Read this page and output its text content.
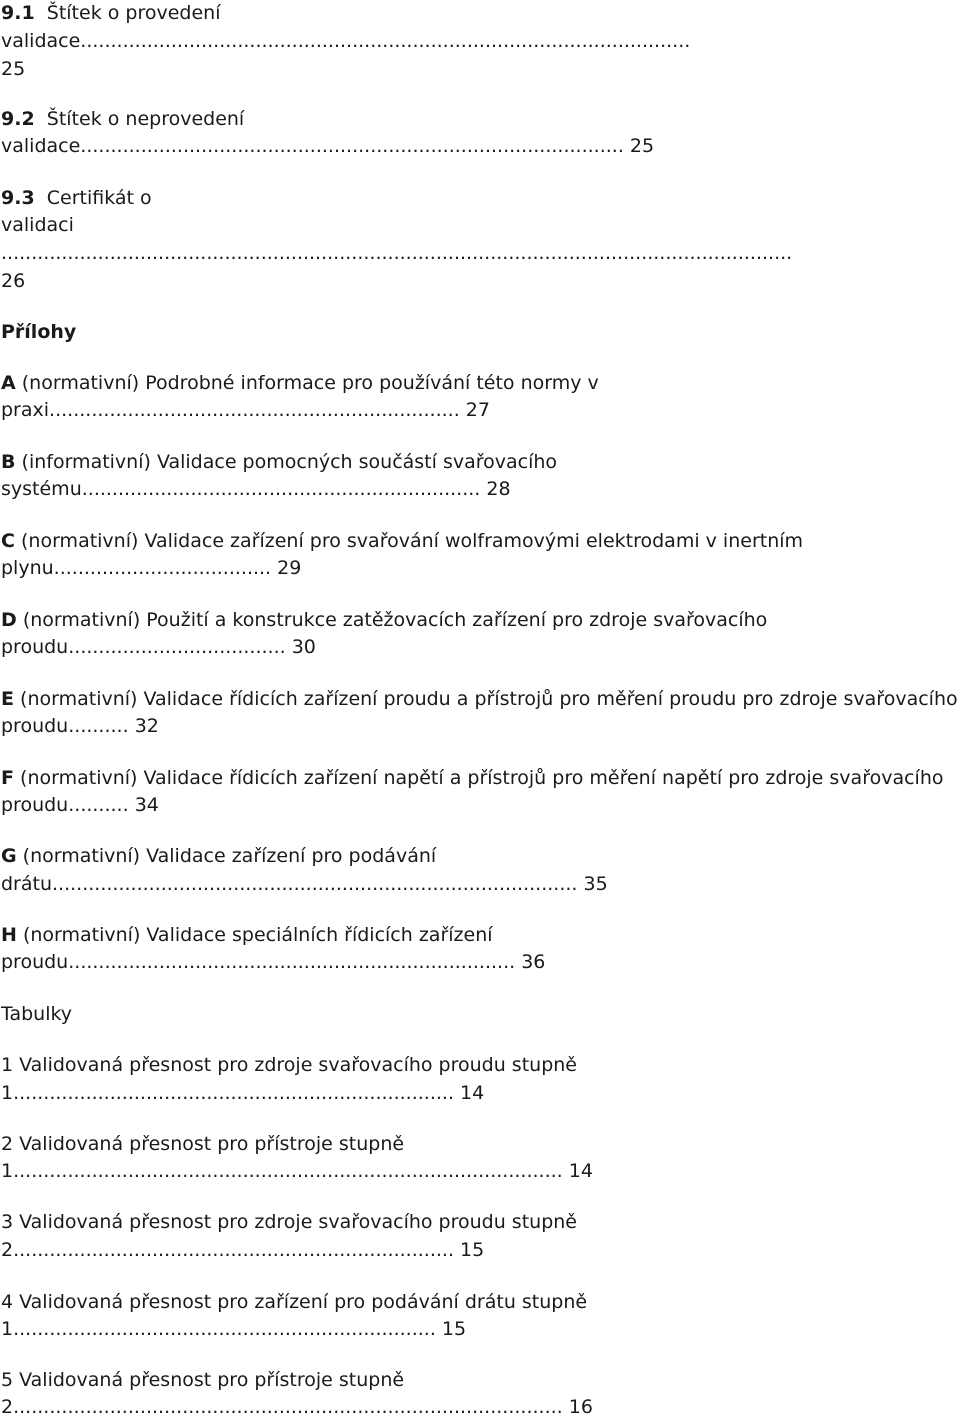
9.1 Štítek o provedení
validace.....................................................................................................
25
9.2 Štítek o neprovedení
validace.......................................................................................... 25
9.3 Certifikát o
validaci
...................................................................................................................................
26
Přílohy
A (normativní) Podrobné informace pro používání této normy v
praxi.................................................................... 27
B (informativní) Validace pomocných součástí svařovacího
systému.................................................................. 28
C (normativní) Validace zařízení pro svařování wolframovými elektrodami v inertním
plynu.................................... 29
D (normativní) Použití a konstrukce zatěžovacích zařízení pro zdroje svařovacího
proudu.................................... 30
E (normativní) Validace řídicích zařízení proudu a přístrojů pro měření proudu pro zdroje svařovacího
proudu.......... 32
F (normativní) Validace řídicích zařízení napětí a přístrojů pro měření napětí pro zdroje svařovacího
proudu.......... 34
G (normativní) Validace zařízení pro podávání
drátu....................................................................................... 35
H (normativní) Validace speciálních řídicích zařízení
proudu.......................................................................... 36
Tabulky
1 Validovaná přesnost pro zdroje svařovacího proudu stupně
1......................................................................... 14
2 Validovaná přesnost pro přístroje stupně
1........................................................................................... 14
3 Validovaná přesnost pro zdroje svařovacího proudu stupně
2......................................................................... 15
4 Validovaná přesnost pro zařízení pro podávání drátu stupně
1...................................................................... 15
5 Validovaná přesnost pro přístroje stupně
2........................................................................................... 16
